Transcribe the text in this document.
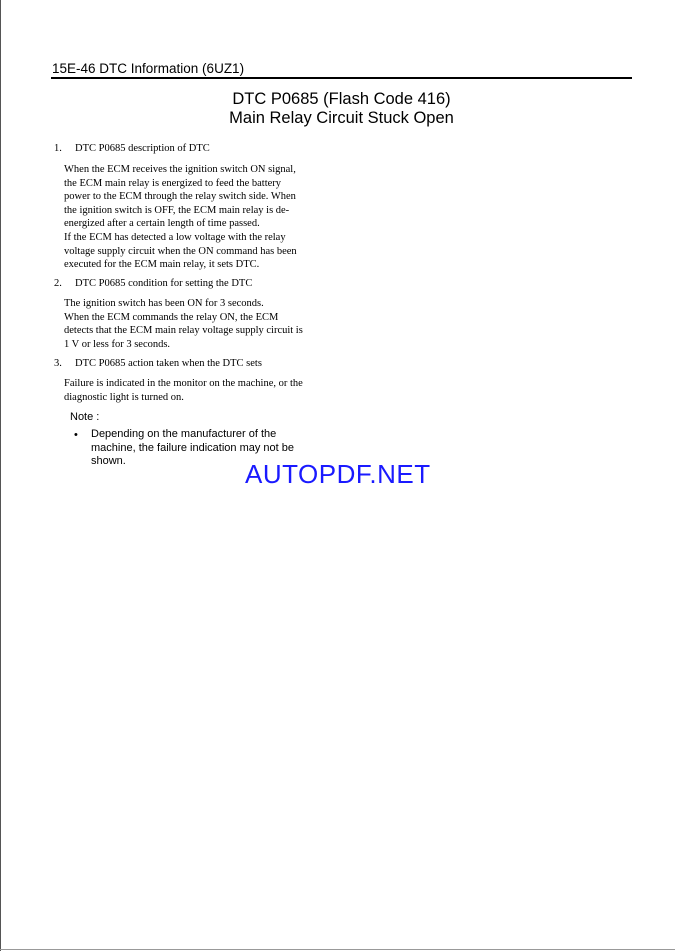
15E-46 DTC Information (6UZ1)
DTC P0685 (Flash Code 416)
Main Relay Circuit Stuck Open
1. DTC P0685 description of DTC

When the ECM receives the ignition switch ON signal,
the ECM main relay is energized to feed the battery
power to the ECM through the relay switch side. When
the ignition switch is OFF, the ECM main relay is de-
energized after a certain length of time passed.
If the ECM has detected a low voltage with the relay
voltage supply circuit when the ON command has been
executed for the ECM main relay, it sets DTC.

2. DTC P0685 condition for setting the DTC

The ignition switch has been ON for 3 seconds.
When the ECM commands the relay ON, the ECM
detects that the ECM main relay voltage supply circuit is
1 V or less for 3 seconds.

3. DTC P0685 action taken when the DTC sets

Failure is indicated in the monitor on the machine, or the
diagnostic light is turned on.

Note :
• Depending on the manufacturer of the
machine, the failure indication may not be
shown.	AUTOPDF.NET
